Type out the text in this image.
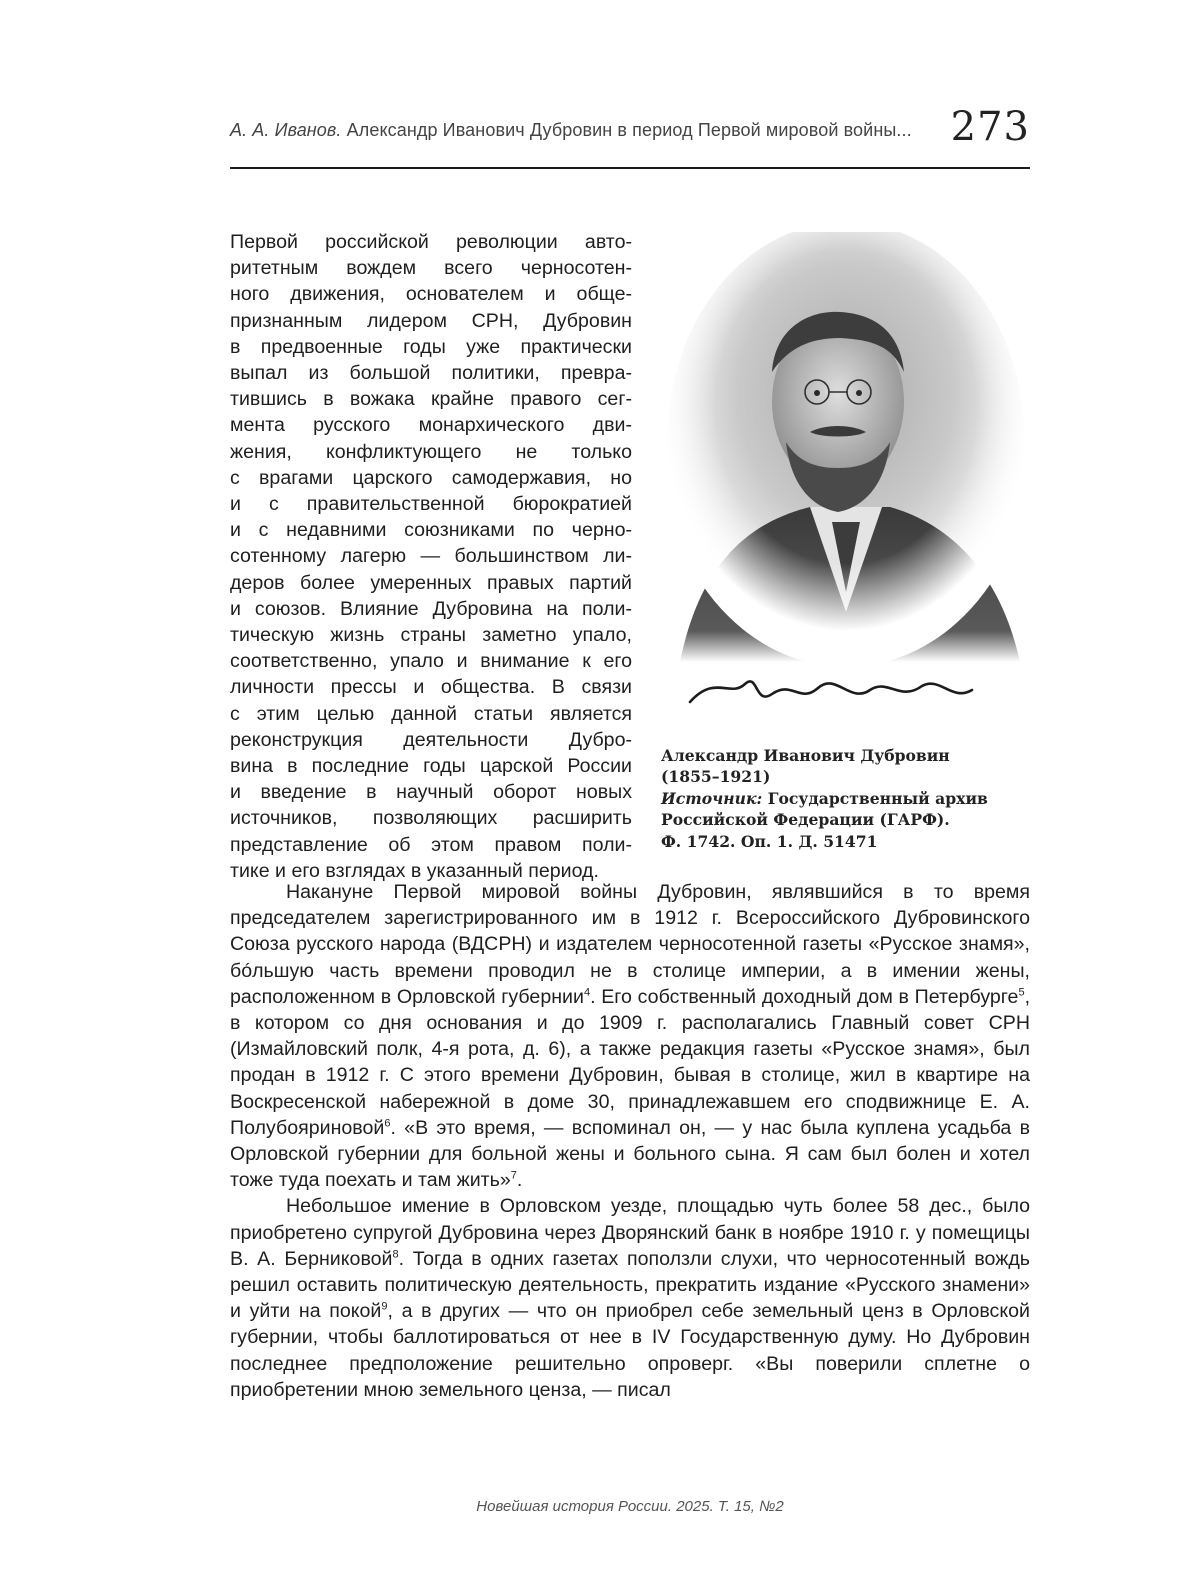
А. А. Иванов. Александр Иванович Дубровин в период Первой мировой войны... 273

Первой российской революции авто-
ритетным вождем всего черносотен-
ного движения, основателем и обще-
признанным лидером СРН, Дубровин
в предвоенные годы уже практически
выпал из большой политики, превра-
тившись в вожака крайне правого сег-
мента русского монархического дви-
жения, конфликтующего не только
с врагами царского самодержавия, но
и с правительственной бюрократией
и с недавними союзниками по черно-
сотенному лагерю — большинством ли-
деров более умеренных правых партий
и союзов. Влияние Дубровина на поли-
тическую жизнь страны заметно упало,
соответственно, упало и внимание к его
личности прессы и общества. В связи
с этим целью данной статьи является
реконструкция деятельности Дубро-
вина в последние годы царской России
и введение в научный оборот новых
источников, позволяющих расширить
представление об этом правом поли-
тике и его взглядах в указанный период.

Накануне Первой мировой войны Дубровин, являвшийся в то время председателем зарегистрированного им в 1912 г. Всероссийского Дубровинского Союза русского народа (ВДСРН) и издателем черносотенной газеты «Русское знамя», бóльшую часть времени проводил не в столице империи, а в имении жены, расположенном в Орловской губернии$^4$. Его собственный доходный дом в Петербурге$^5$, в котором со дня основания и до 1909 г. располагались Главный совет СРН (Измайловский полк, 4-я рота, д. 6), а также редакция газеты «Русское знамя», был продан в 1912 г. С этого времени Дубровин, бывая в столице, жил в квартире на Воскресенской набережной в доме 30, принадлежавшем его сподвижнице Е. А. Полубояриновой$^6$. «В это время, — вспоминал он, — у нас была куплена усадьба в Орловской губернии для больной жены и больного сына. Я сам был болен и хотел тоже туда поехать и там жить»$^7$.

Небольшое имение в Орловском уезде, площадью чуть более 58 дес., было приобретено супругой Дубровина через Дворянский банк в ноябре 1910 г. у помещицы В. А. Берниковой$^8$. Тогда в одних газетах поползли слухи, что черносотенный вождь решил оставить политическую деятельность, прекратить издание «Русского знамени» и уйти на покой$^9$, а в других — что он приобрел себе земельный ценз в Орловской губернии, чтобы баллотироваться от нее в IV Государственную думу. Но Дубровин последнее предположение решительно опроверг. «Вы поверили сплетне о приобретении мною земельного ценза, — писал

А. Дубровинъ.
Александр Иванович Дубровин
(1855–1921)
Источник: Государственный архив
Российской Федерации (ГАРФ).
Ф. 1742. Оп. 1. Д. 51471
Новейшая история России. 2025. Т. 15, №2
